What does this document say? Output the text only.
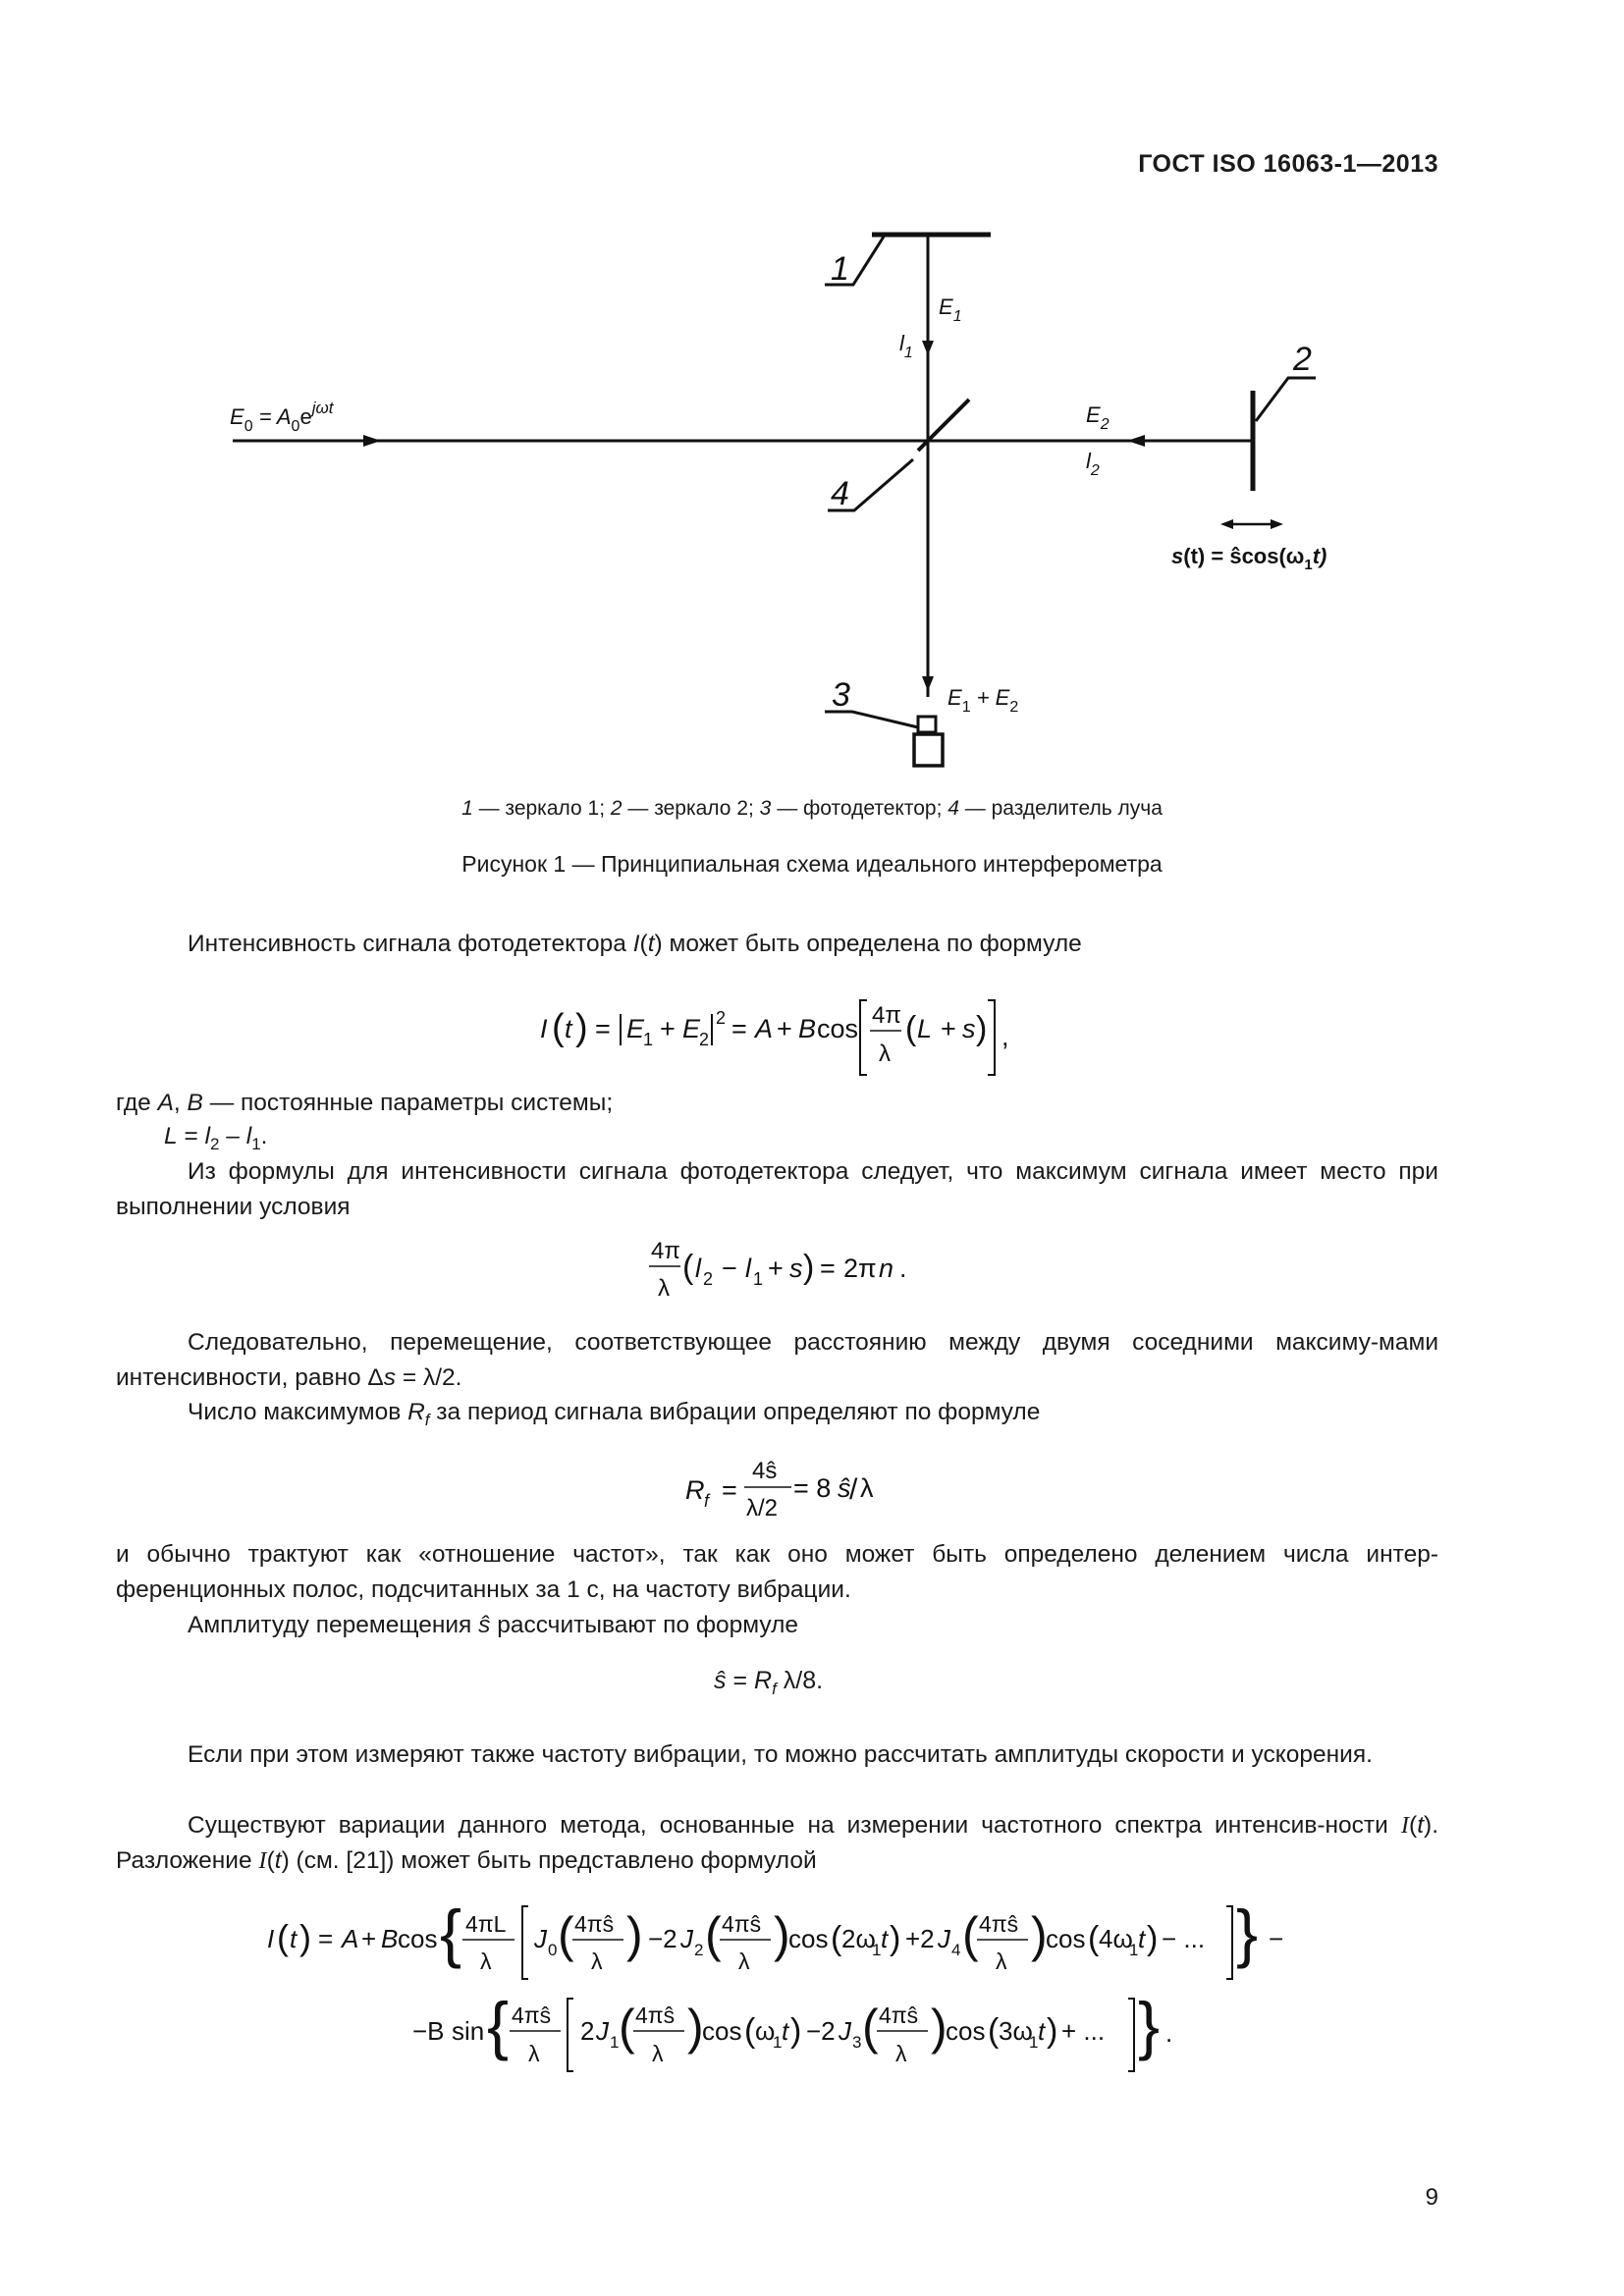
ГОСТ ISO 16063-1—2013
1
2
3
4
$E_1$
$l_1$
$E_2$
$l_2$
$E_0 = A_0e^{j\omega t}$
$E_1 + E_2$
$s(t) = ŝ\cos(\omega_1t)$
1 — зеркало 1; 2 — зеркало 2; 3 — фотодетектор; 4 — разделитель луча
Рисунок 1 — Принципиальная схема идеального интерферометра
Интенсивность сигнала фотодетектора I(t) может быть определена по формуле
I ( t ) = E
1 + E
2
2 = A + B cos 4π
λ
( L + s ) ,
где A, B — постоянные параметры системы;
$L = l_2 - l_1$.
Из формулы для интенсивности сигнала фотодетектора следует, что максимум сигнала имеет место при выполнении условия
4π
λ
( l 2 − l 1 + s ) = 2π n .
Следовательно, перемещение, соответствующее расстоянию между двумя соседними максиму-мами интенсивности, равно Δs = λ/2.
Число максимумов $R_f$ за период сигнала вибрации определяют по формуле
R f =
4ŝ
λ/2
= 8 ŝ
/ λ
и обычно трактуют как «отношение частот», так как оно может быть определено делением числа интер-ференционных полос, подсчитанных за 1 с, на частоту вибрации.
Амплитуду перемещения ŝ рассчитывают по формуле
ŝ = $R_f$ λ/8.
Если при этом измеряют также частоту вибрации, то можно рассчитать амплитуды скорости и ускорения.
Существуют вариации данного метода, основанные на измерении частотного спектра интенсив-ности I(t). Разложение I(t) (см. [21]) может быть представлено формулой
I ( t ) = A + B cos { 4πL
λ
J 0 ( 4πŝ
λ ) −2 J 2 ( 4πŝ
λ )
cos ( 2ω
1 t ) +2 J 4 ( 4πŝ
λ )
cos ( 4ω
1 t ) − ... } −
−B sin { 4πŝ
λ
2 J 1 ( 4πŝ
λ )
cos ( ω
1 t ) −2 J 3 ( 4πŝ
λ )
cos ( 3ω
1 t ) + ... } .
9
